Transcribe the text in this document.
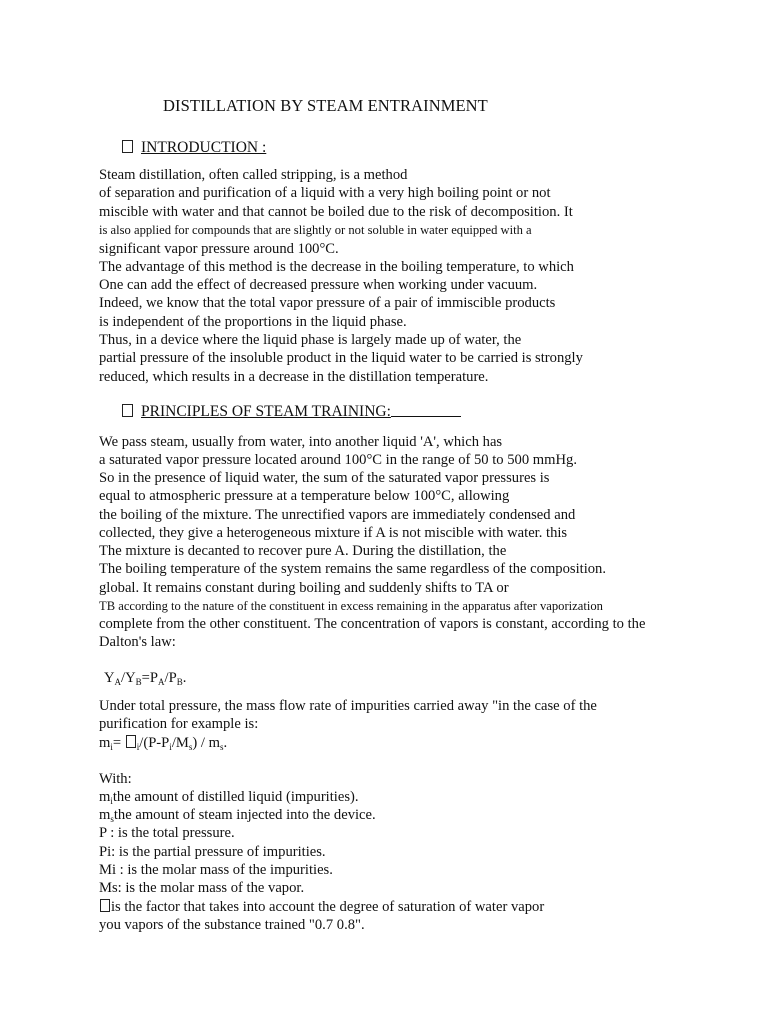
DISTILLATION BY STEAM ENTRAINMENT
INTRODUCTION :
Steam distillation, often called stripping, is a method
of separation and purification of a liquid with a very high boiling point or not
miscible with water and that cannot be boiled due to the risk of decomposition. It
is also applied for compounds that are slightly or not soluble in water equipped with a
significant vapor pressure around 100°C.
The advantage of this method is the decrease in the boiling temperature, to which
One can add the effect of decreased pressure when working under vacuum.
Indeed, we know that the total vapor pressure of a pair of immiscible products
is independent of the proportions in the liquid phase.
Thus, in a device where the liquid phase is largely made up of water, the
partial pressure of the insoluble product in the liquid water to be carried is strongly
reduced, which results in a decrease in the distillation temperature.
PRINCIPLES OF STEAM TRAINING:
We pass steam, usually from water, into another liquid 'A', which has
a saturated vapor pressure located around 100°C in the range of 50 to 500 mmHg.
So in the presence of liquid water, the sum of the saturated vapor pressures is
equal to atmospheric pressure at a temperature below 100°C, allowing
the boiling of the mixture. The unrectified vapors are immediately condensed and
collected, they give a heterogeneous mixture if A is not miscible with water. this
The mixture is decanted to recover pure A. During the distillation, the
The boiling temperature of the system remains the same regardless of the composition.
global. It remains constant during boiling and suddenly shifts to TA or
TB according to the nature of the constituent in excess remaining in the apparatus after vaporization
complete from the other constituent. The concentration of vapors is constant, according to the
Dalton's law:
$Y_A/Y_B=P_A/P_B$.
Under total pressure, the mass flow rate of impurities carried away "in the case of the
purification for example is:
$m_i= _i/(P-P_i/M_s) / m_s$.
With:
$m_ithe$ amount of distilled liquid (impurities).
$m_sthe$ amount of steam injected into the device.
P : is the total pressure.
Pi: is the partial pressure of impurities.
Mi : is the molar mass of the impurities.
Ms: is the molar mass of the vapor.
is the factor that takes into account the degree of saturation of water vapor
you vapors of the substance trained "0.7 0.8".
